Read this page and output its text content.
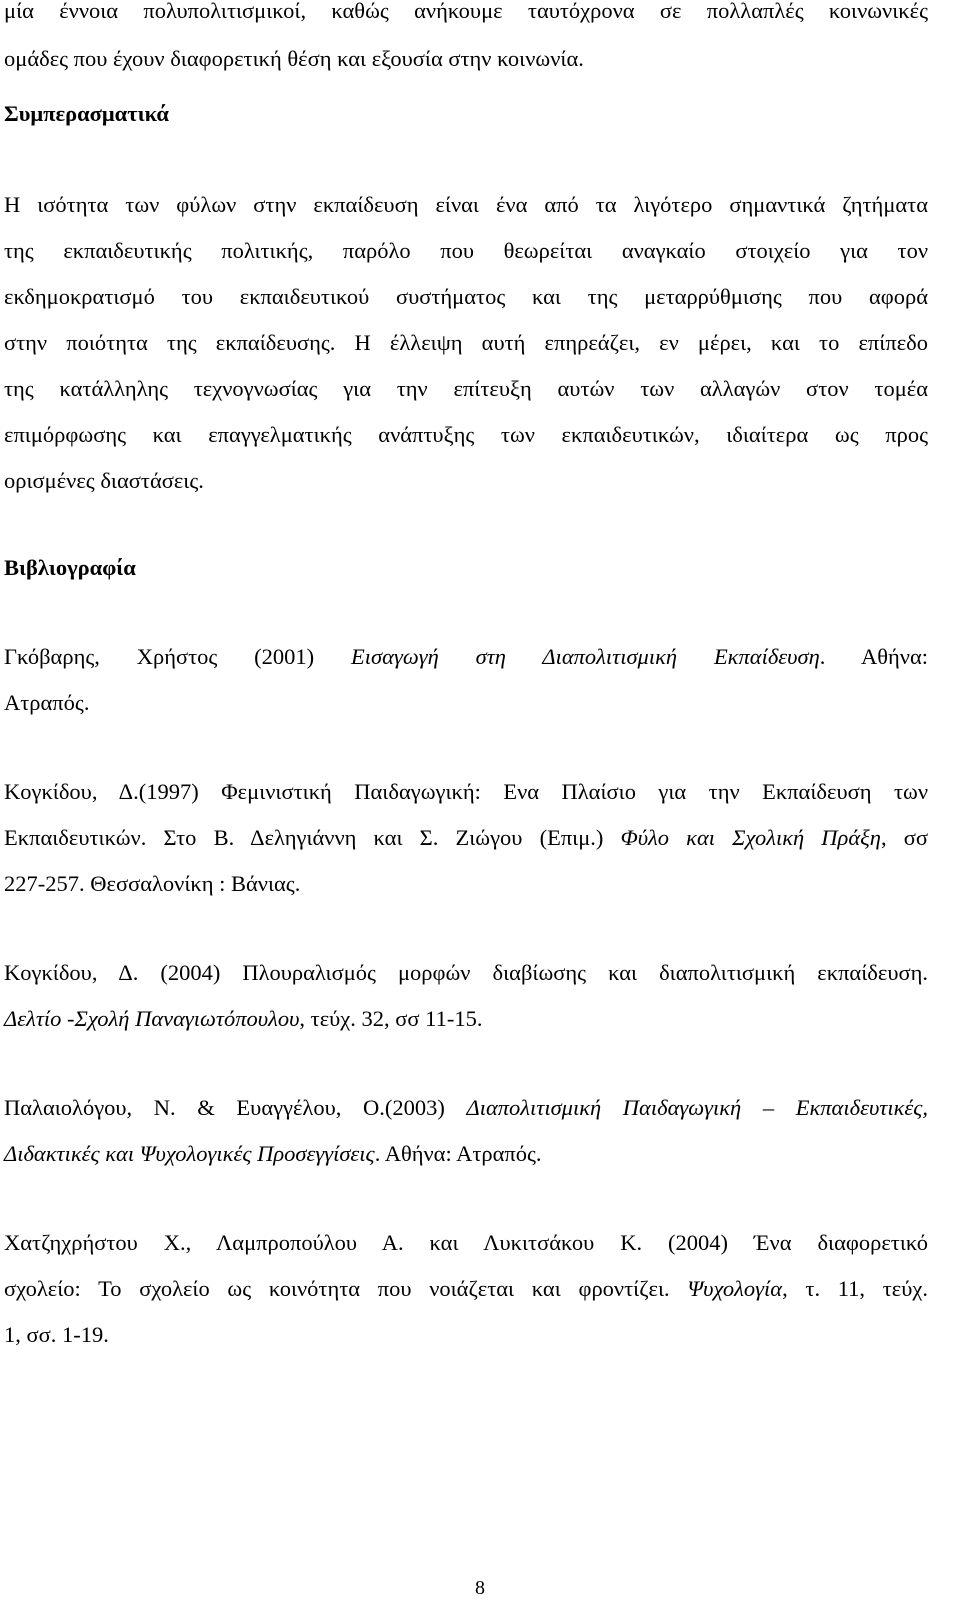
μία έννοια πολυπολιτισμικοί, καθώς ανήκουμε ταυτόχρονα σε πολλαπλές κοινωνικές
ομάδες που έχουν διαφορετική θέση και εξουσία στην κοινωνία.
Συμπερασματικά
Η ισότητα των φύλων στην εκπαίδευση είναι ένα από τα λιγότερο σημαντικά ζητήματα
της εκπαιδευτικής πολιτικής, παρόλο που θεωρείται αναγκαίο στοιχείο για τον
εκδημοκρατισμό του εκπαιδευτικού συστήματος και της μεταρρύθμισης που αφορά
στην ποιότητα της εκπαίδευσης. Η έλλειψη αυτή επηρεάζει, εν μέρει, και το επίπεδο
της κατάλληλης τεχνογνωσίας για την επίτευξη αυτών των αλλαγών στον τομέα
επιμόρφωσης και επαγγελματικής ανάπτυξης των εκπαιδευτικών, ιδιαίτερα ως προς
ορισμένες διαστάσεις.
Βιβλιογραφία
Γκόβαρης, Χρήστος (2001) Εισαγωγή στη Διαπολιτισμική Εκπαίδευση. Αθήνα:
Ατραπός.
Κογκίδου, Δ.(1997) Φεμινιστική Παιδαγωγική: Ενα Πλαίσιο για την Εκπαίδευση των
Εκπαιδευτικών. Στο Β. Δεληγιάννη και Σ. Ζιώγου (Επιμ.) Φύλο και Σχολική Πράξη, σσ
227-257. Θεσσαλονίκη : Βάνιας.
Κογκίδου, Δ. (2004) Πλουραλισμός μορφών διαβίωσης και διαπολιτισμική εκπαίδευση.
Δελτίο -Σχολή Παναγιωτόπουλου, τεύχ. 32, σσ 11-15.
Παλαιολόγου, Ν. & Ευαγγέλου, Ο.(2003) Διαπολιτισμική Παιδαγωγική – Εκπαιδευτικές,
Διδακτικές και Ψυχολογικές Προσεγγίσεις. Αθήνα: Ατραπός.
Χατζηχρήστου Χ., Λαμπροπούλου Α. και Λυκιτσάκου Κ. (2004) Ένα διαφορετικό
σχολείο: Το σχολείο ως κοινότητα που νοιάζεται και φροντίζει. Ψυχολογία, τ. 11, τεύχ.
1, σσ. 1-19.
8
